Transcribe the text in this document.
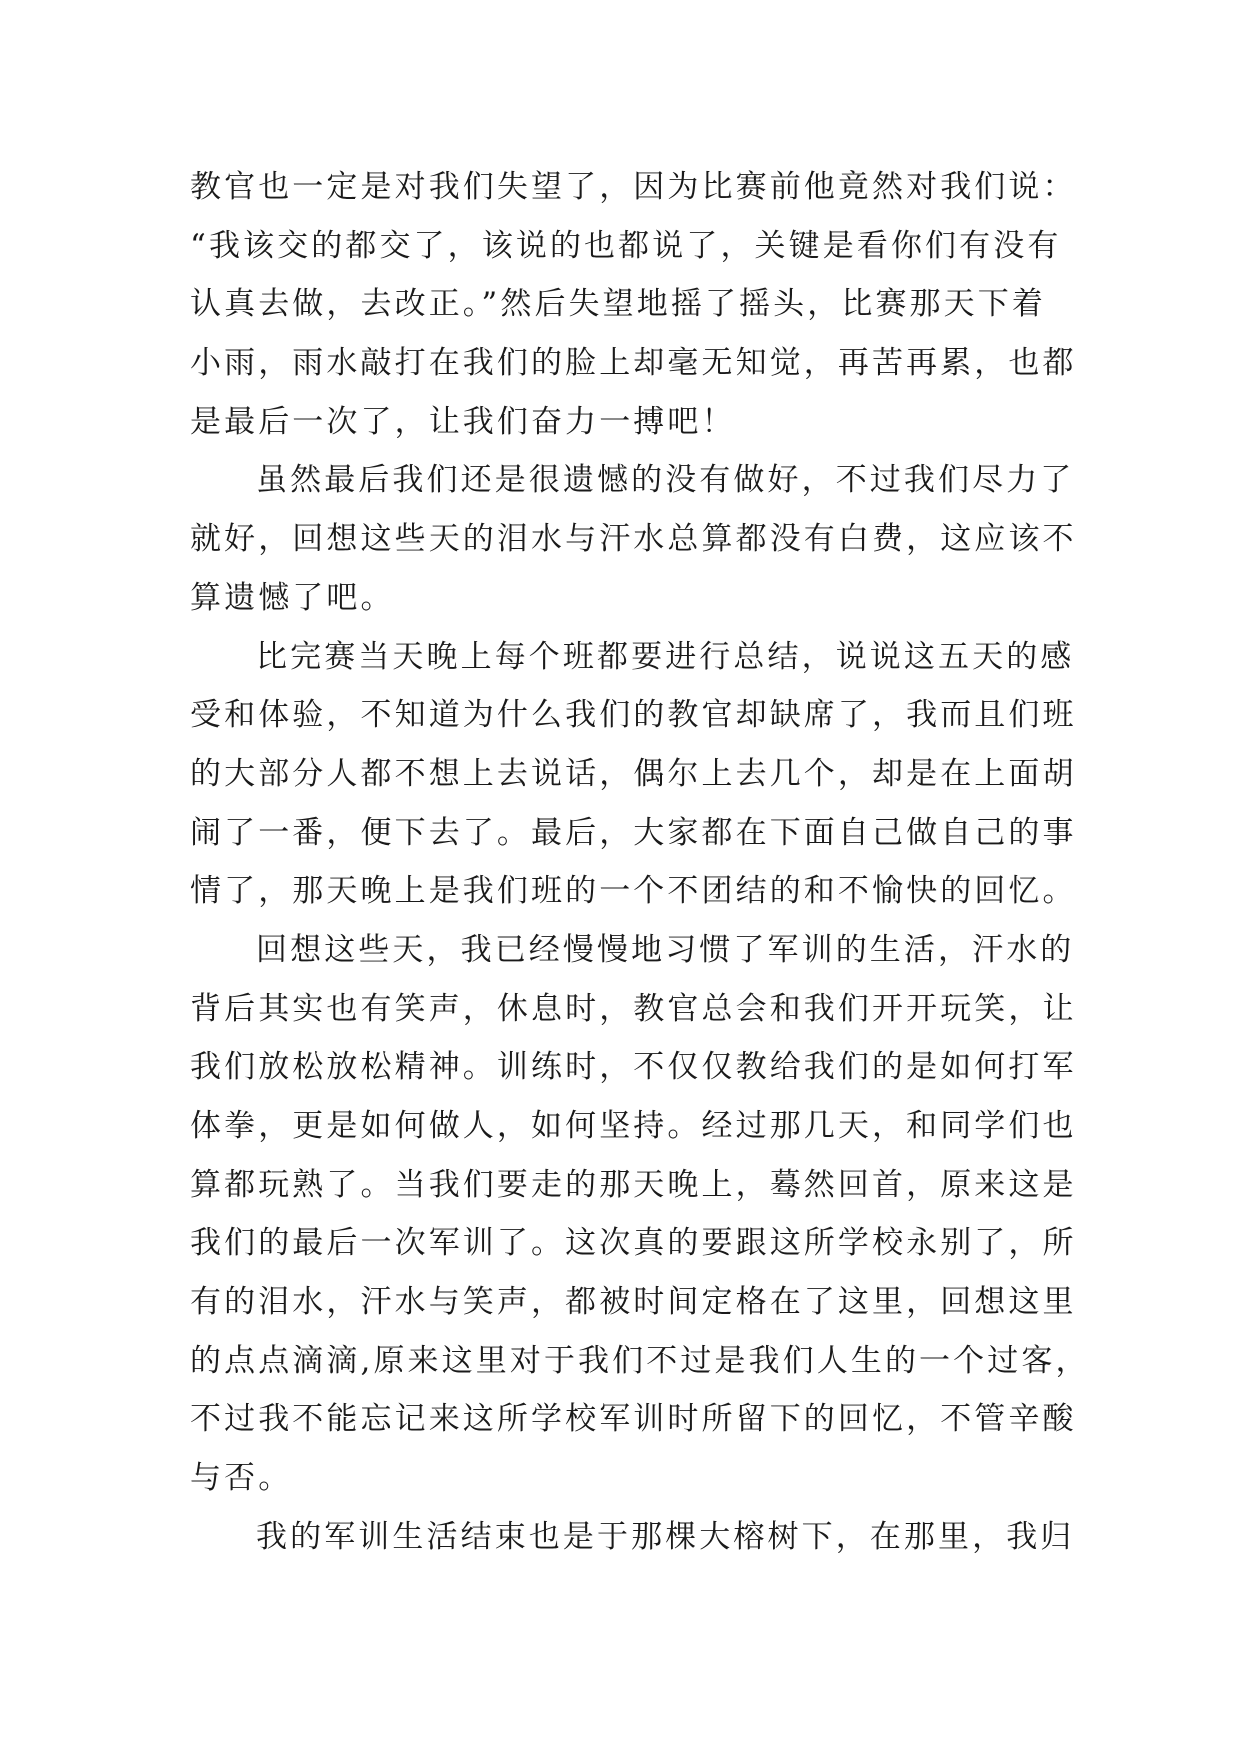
教官也一定是对我们失望了，因为比赛前他竟然对我们说：
“我该交的都交了，该说的也都说了，关键是看你们有没有
认真去做，去改正。”然后失望地摇了摇头，比赛那天下着
小雨，雨水敲打在我们的脸上却毫无知觉，再苦再累，也都
是最后一次了，让我们奋力一搏吧！
虽然最后我们还是很遗憾的没有做好，不过我们尽力了
就好，回想这些天的泪水与汗水总算都没有白费，这应该不
算遗憾了吧。
比完赛当天晚上每个班都要进行总结，说说这五天的感
受和体验，不知道为什么我们的教官却缺席了，我而且们班
的大部分人都不想上去说话，偶尔上去几个，却是在上面胡
闹了一番，便下去了。最后，大家都在下面自己做自己的事
情了，那天晚上是我们班的一个不团结的和不愉快的回忆。
回想这些天，我已经慢慢地习惯了军训的生活，汗水的
背后其实也有笑声，休息时，教官总会和我们开开玩笑，让
我们放松放松精神。训练时，不仅仅教给我们的是如何打军
体拳，更是如何做人，如何坚持。经过那几天，和同学们也
算都玩熟了。当我们要走的那天晚上，蓦然回首，原来这是
我们的最后一次军训了。这次真的要跟这所学校永别了，所
有的泪水，汗水与笑声，都被时间定格在了这里，回想这里
的点点滴滴,原来这里对于我们不过是我们人生的一个过客，
不过我不能忘记来这所学校军训时所留下的回忆，不管辛酸
与否。
我的军训生活结束也是于那棵大榕树下，在那里，我归
